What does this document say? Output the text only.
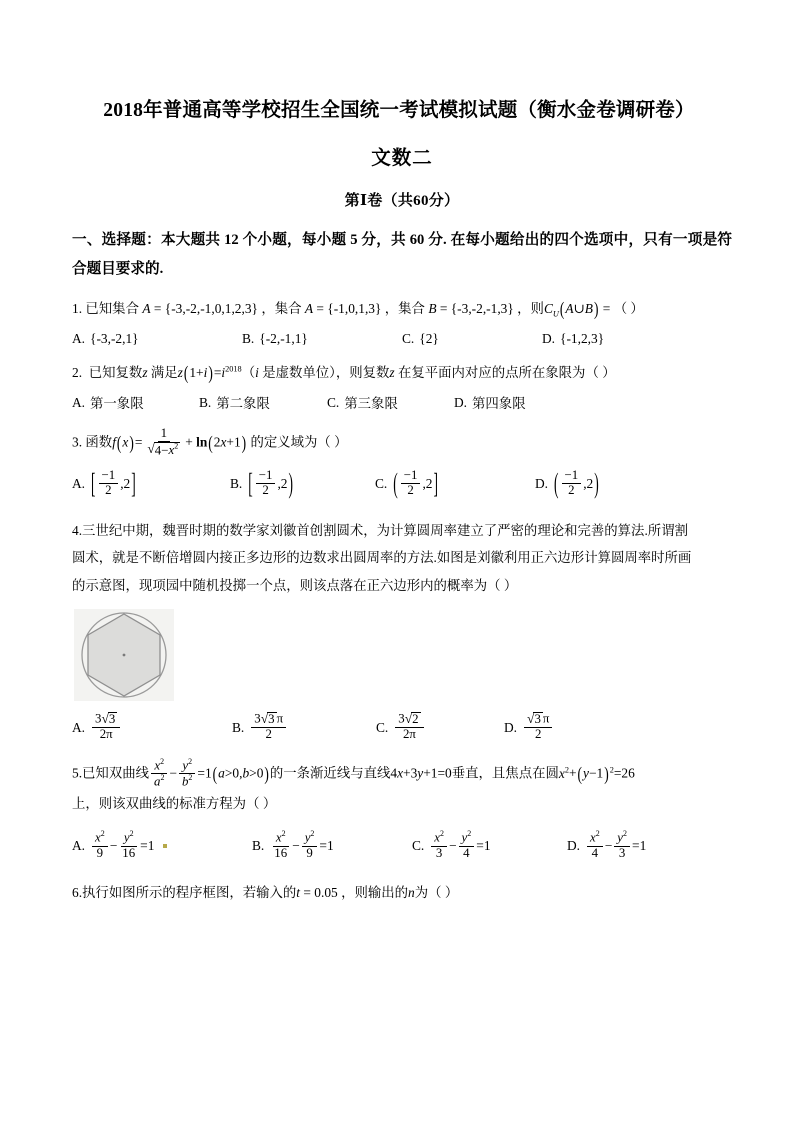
2018年普通高等学校招生全国统一考试模拟试题（衡水金卷调研卷）
文数二
第Ⅰ卷（共60分）
一、选择题：本大题共 12 个小题，每小题 5 分，共 60 分. 在每小题给出的四个选项中，只有一项是符合题目要求的.
1. 已知集合 A = {-3,-2,-1,0,1,2,3} ，集合 A = {-1,0,1,3} ，集合 B = {-3,-2,-1,3} ，则$C_U(A\cup B)$ = （ ）
A. {-3,-2,1}	B. {-2,-1,1}	C. {2}	D. {-1,2,3}
2. 已知复数z 满足$z(1+i)=i^{2018}(i$ 是虚数单位），则复数z 在复平面内对应的点所在象限为（ ）
A. 第一象限	B. 第二象限	C. 第三象限	D. 第四象限
3. 函数$f(x)= \frac{1}{√ 4-x^2} + \ln(2x+1)$ 的定义域为（ ）
A. [ $\frac{-1}{2} ,2$ ]	B. [ $\frac{-1}{2} ,2$ )	C. ( $\frac{-1}{2} ,2$ ]	D. ( $\frac{-1}{2} ,2$ )
4.三世纪中期，魏晋时期的数学家刘徽首创割圆术，为计算圆周率建立了严密的理论和完善的算法.所谓割
圆术，就是不断倍增圆内接正多边形的边数求出圆周率的方法.如图是刘徽利用正六边形计算圆周率时所画
的示意图，现项园中随机投掷一个点，则该点落在正六边形内的概率为（ ）
A. $\frac{3 √ 3}{2\pi}$	B. $\frac{3 √ 3 \pi}{2}$	C. $\frac{3 √ 2}{2\pi}$	D. $\frac{√ 3 \pi}{2}$
5.已知双曲线 $\frac{x^2}{a^2} - \frac{y^2}{b^2} =1(a>0,b>0)$的一条渐近线与直线4x+3y+1=0垂直，且焦点在圆$x^2+(y-1)^2=26$
上，则该双曲线的标准方程为（ ）
A. $\frac{x^2}{9} - \frac{y^2}{16} = 1$	B. $\frac{x^2}{16} - \frac{y^2}{9} = 1$	C. $\frac{x^2}{3} - \frac{y^2}{4} = 1$	D. $\frac{x^2}{4} - \frac{y^2}{3} = 1$
6.执行如图所示的程序框图，若输入的t = 0.05 ，则输出的n为（ ）
